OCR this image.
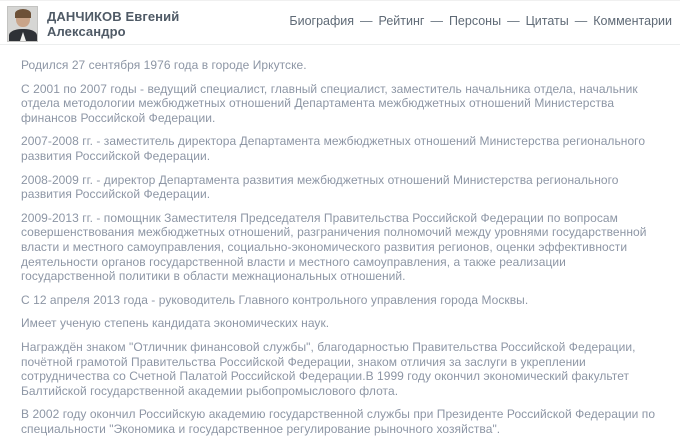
ДАНЧИКОВ Евгений Александро
Биография — Рейтинг — Персоны — Цитаты — Комментарии

Родился 27 сентября 1976 года в городе Иркутске.

С 2001 по 2007 годы - ведущий специалист, главный специалист, заместитель начальника отдела, начальник отдела методологии межбюджетных отношений Департамента межбюджетных отношений Министерства финансов Российской Федерации.

2007-2008 гг. - заместитель директора Департамента межбюджетных отношений Министерства регионального развития Российской Федерации.

2008-2009 гг. - директор Департамента развития межбюджетных отношений Министерства регионального развития Российской Федерации.

2009-2013 гг. - помощник Заместителя Председателя Правительства Российской Федерации по вопросам совершенствования межбюджетных отношений, разграничения полномочий между уровнями государственной власти и местного самоуправления, социально-экономического развития регионов, оценки эффективности деятельности органов государственной власти и местного самоуправления, а также реализации государственной политики в области межнациональных отношений.

С 12 апреля 2013 года - руководитель Главного контрольного управления города Москвы.

Имеет ученую степень кандидата экономических наук.

Награждён знаком "Отличник финансовой службы", благодарностью Правительства Российской Федерации, почётной грамотой Правительства Российской Федерации, знаком отличия за заслуги в укреплении сотрудничества со Счетной Палатой Российской Федерации.В 1999 году окончил экономический факультет Балтийской государственной академии рыбопромыслового флота.

В 2002 году окончил Российскую академию государственной службы при Президенте Российской Федерации по специальности "Экономика и государственное регулирование рыночного хозяйства".
